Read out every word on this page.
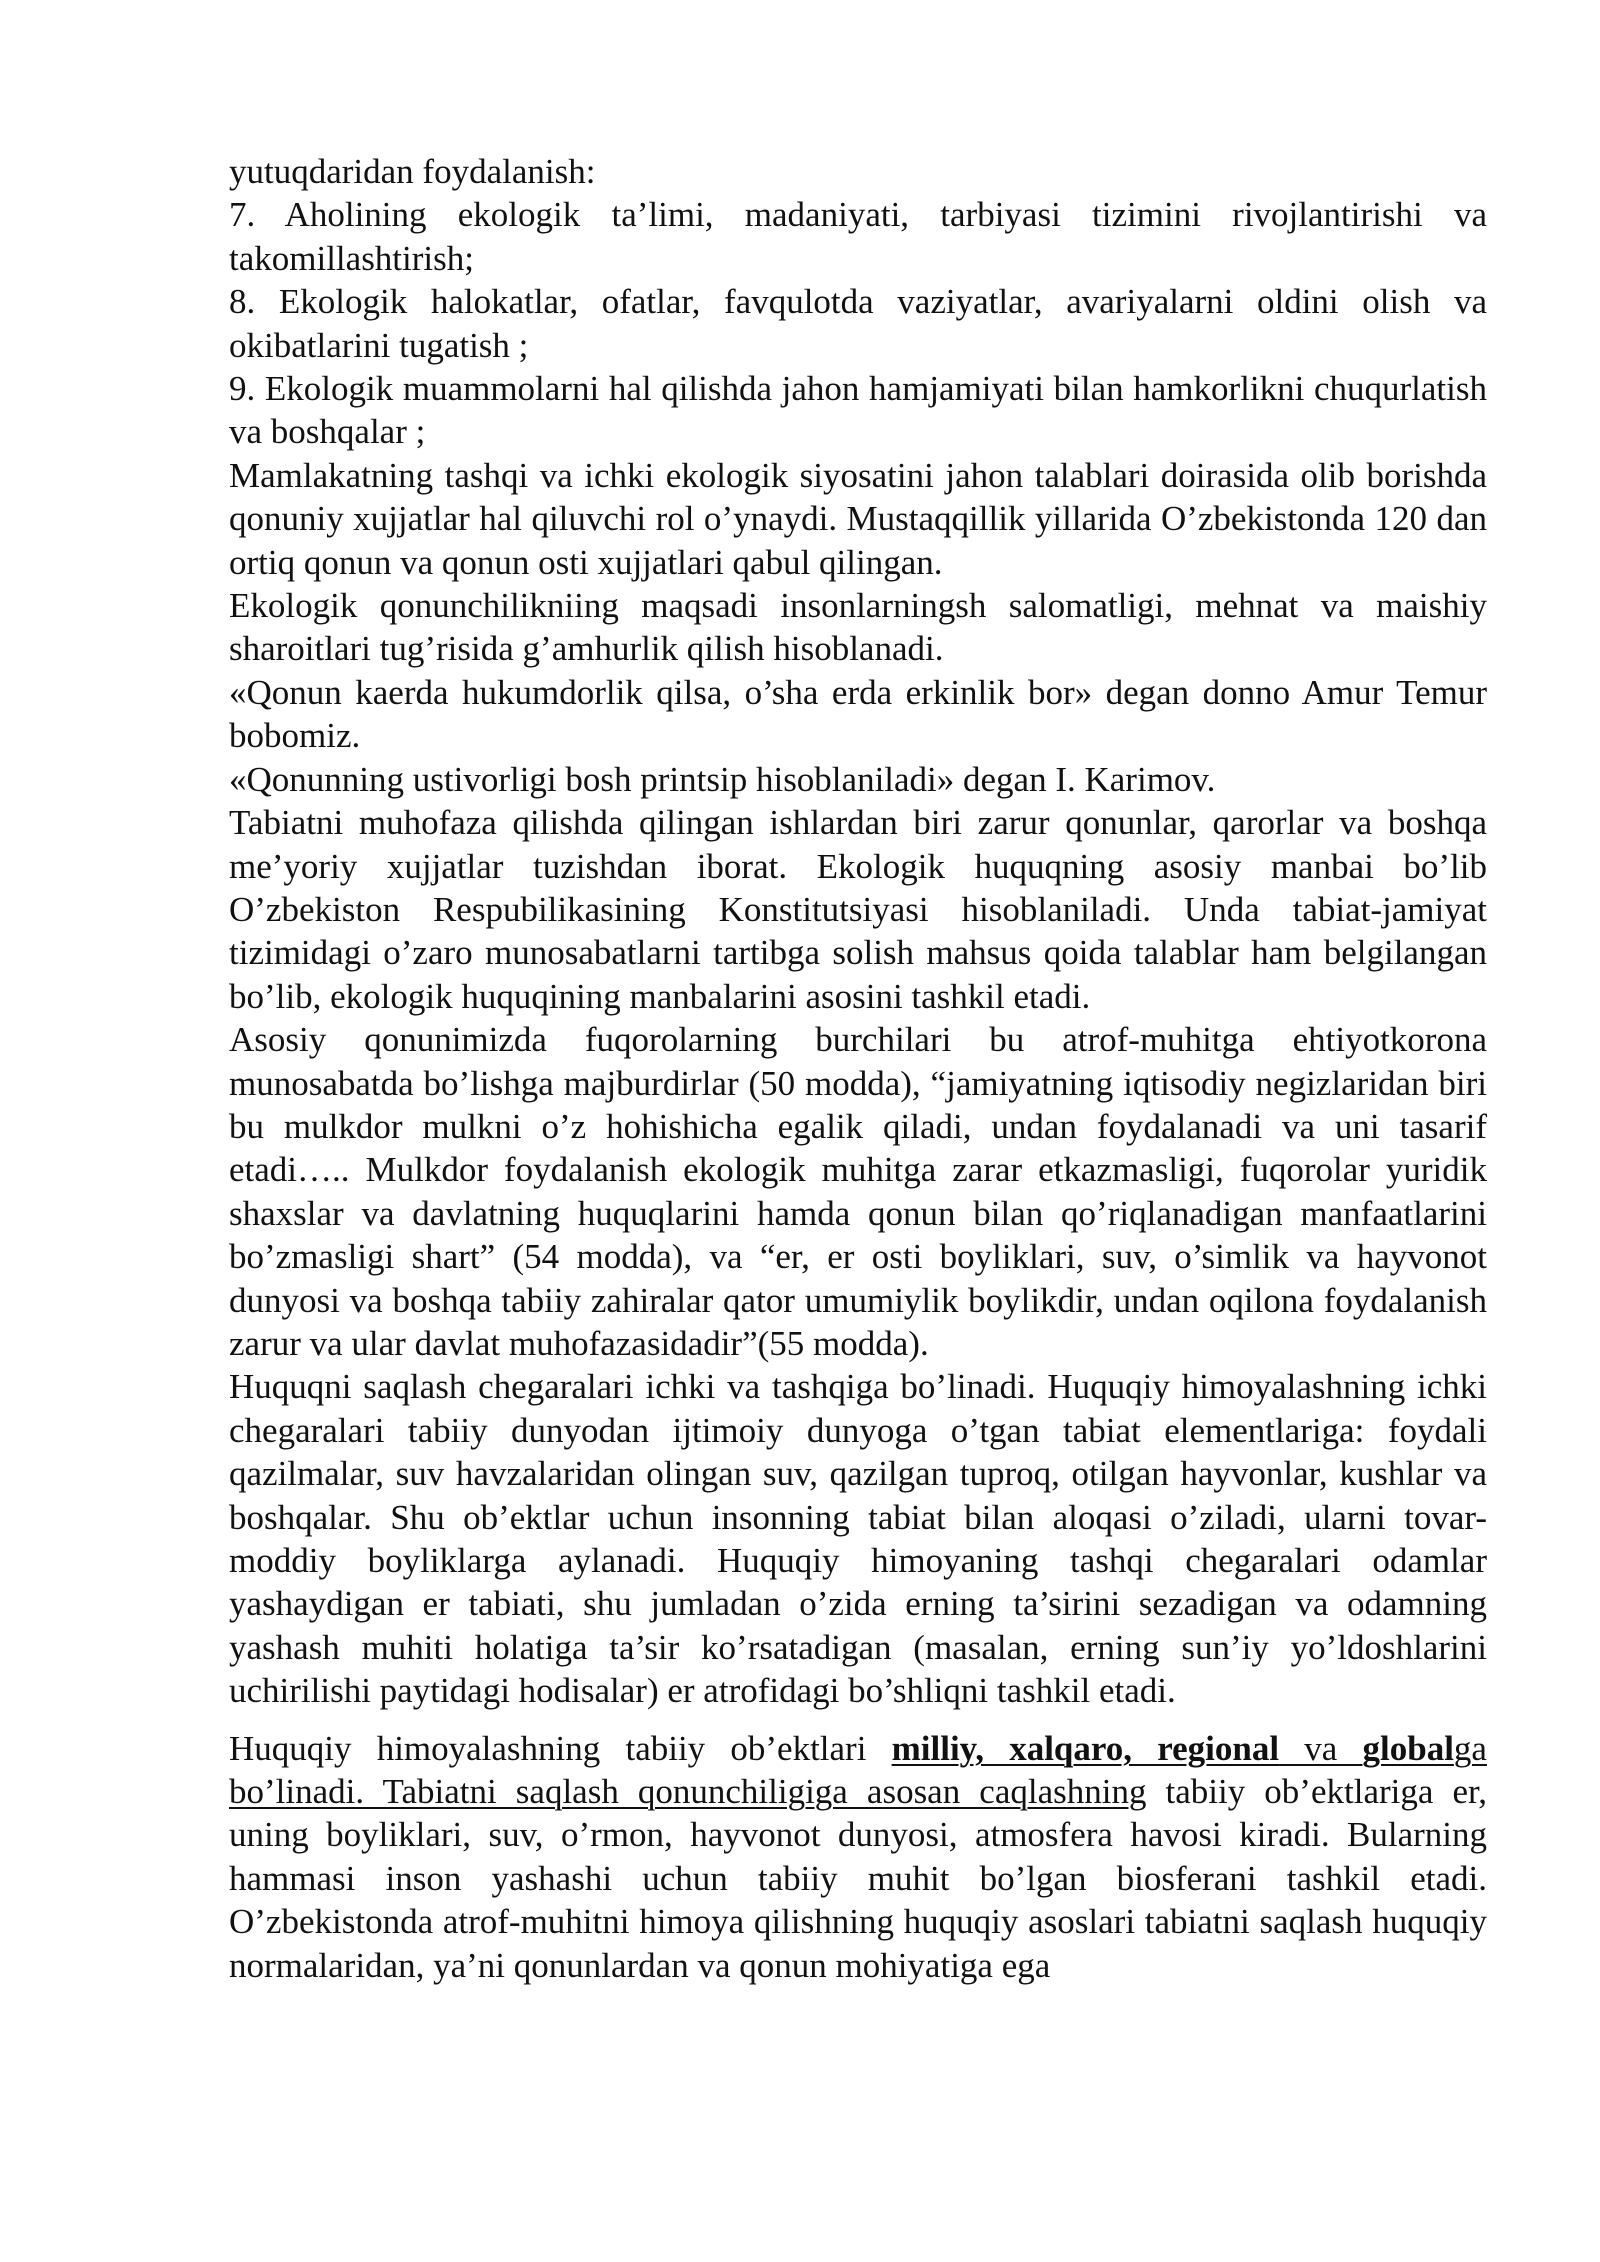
yutuqdaridan foydalanish:

7. Aholining ekologik ta’limi, madaniyati, tarbiyasi tizimini rivojlantirishi va takomillashtirish;

8. Ekologik halokatlar, ofatlar, favqulotda vaziyatlar, avariyalarni oldini olish va okibatlarini tugatish ;

9. Ekologik muammolarni hal qilishda jahon hamjamiyati bilan hamkorlikni chuqurlatish va boshqalar ;

Mamlakatning tashqi va ichki ekologik siyosatini jahon talablari doirasida olib borishda qonuniy xujjatlar hal qiluvchi rol o’ynaydi. Mustaqqillik yillarida O’zbekistonda 120 dan ortiq qonun va qonun osti xujjatlari qabul qilingan.

Ekologik qonunchilikniing maqsadi insonlarningsh salomatligi, mehnat va maishiy sharoitlari tug’risida g’amhurlik qilish hisoblanadi.

«Qonun kaerda hukumdorlik qilsa, o’sha erda erkinlik bor» degan donno Amur Temur bobomiz.

«Qonunning ustivorligi bosh printsip hisoblaniladi» degan I. Karimov.

Tabiatni muhofaza qilishda qilingan ishlardan biri zarur qonunlar, qarorlar va boshqa me’yoriy xujjatlar tuzishdan iborat. Ekologik huquqning asosiy manbai bo’lib O’zbekiston Respubilikasining Konstitutsiyasi hisoblaniladi. Unda tabiat-jamiyat tizimidagi o’zaro munosabatlarni tartibga solish mahsus qoida talablar ham belgilangan bo’lib, ekologik huquqining manbalarini asosini tashkil etadi.

Asosiy qonunimizda fuqorolarning burchilari bu atrof-muhitga ehtiyotkorona munosabatda bo’lishga majburdirlar (50 modda), “jamiyatning iqtisodiy negizlaridan biri bu mulkdor mulkni o’z hohishicha egalik qiladi, undan foydalanadi va uni tasarif etadi….. Mulkdor foydalanish ekologik muhitga zarar etkazmasligi, fuqorolar yuridik shaxslar va davlatning huquqlarini hamda qonun bilan qo’riqlanadigan manfaatlarini bo’zmasligi shart” (54 modda), va “er, er osti boyliklari, suv, o’simlik va hayvonot dunyosi va boshqa tabiiy zahiralar qator umumiylik boylikdir, undan oqilona foydalanish zarur va ular davlat muhofazasidadir”(55 modda).

Huquqni saqlash chegaralari ichki va tashqiga bo’linadi. Huquqiy himoyalashning ichki chegaralari tabiiy dunyodan ijtimoiy dunyoga o’tgan tabiat elementlariga: foydali qazilmalar, suv havzalaridan olingan suv, qazilgan tuproq, otilgan hayvonlar, kushlar va boshqalar. Shu ob’ektlar uchun insonning tabiat bilan aloqasi o’ziladi, ularni tovar-moddiy boyliklarga aylanadi. Huquqiy himoyaning tashqi chegaralari odamlar yashaydigan er tabiati, shu jumladan o’zida erning ta’sirini sezadigan va odamning yashash muhiti holatiga ta’sir ko’rsatadigan (masalan, erning sun’iy yo’ldoshlarini uchirilishi paytidagi hodisalar) er atrofidagi bo’shliqni tashkil etadi.

Huquqiy himoyalashning tabiiy ob’ektlari milliy, xalqaro, regional va globalga bo’linadi. Tabiatni saqlash qonunchiligiga asosan caqlashning tabiiy ob’ektlariga er, uning boyliklari, suv, o’rmon, hayvonot dunyosi, atmosfera havosi kiradi. Bularning hammasi inson yashashi uchun tabiiy muhit bo’lgan biosferani tashkil etadi. O’zbekistonda atrof-muhitni himoya qilishning huquqiy asoslari tabiatni saqlash huquqiy normalaridan, ya’ni qonunlardan va qonun mohiyatiga ega
